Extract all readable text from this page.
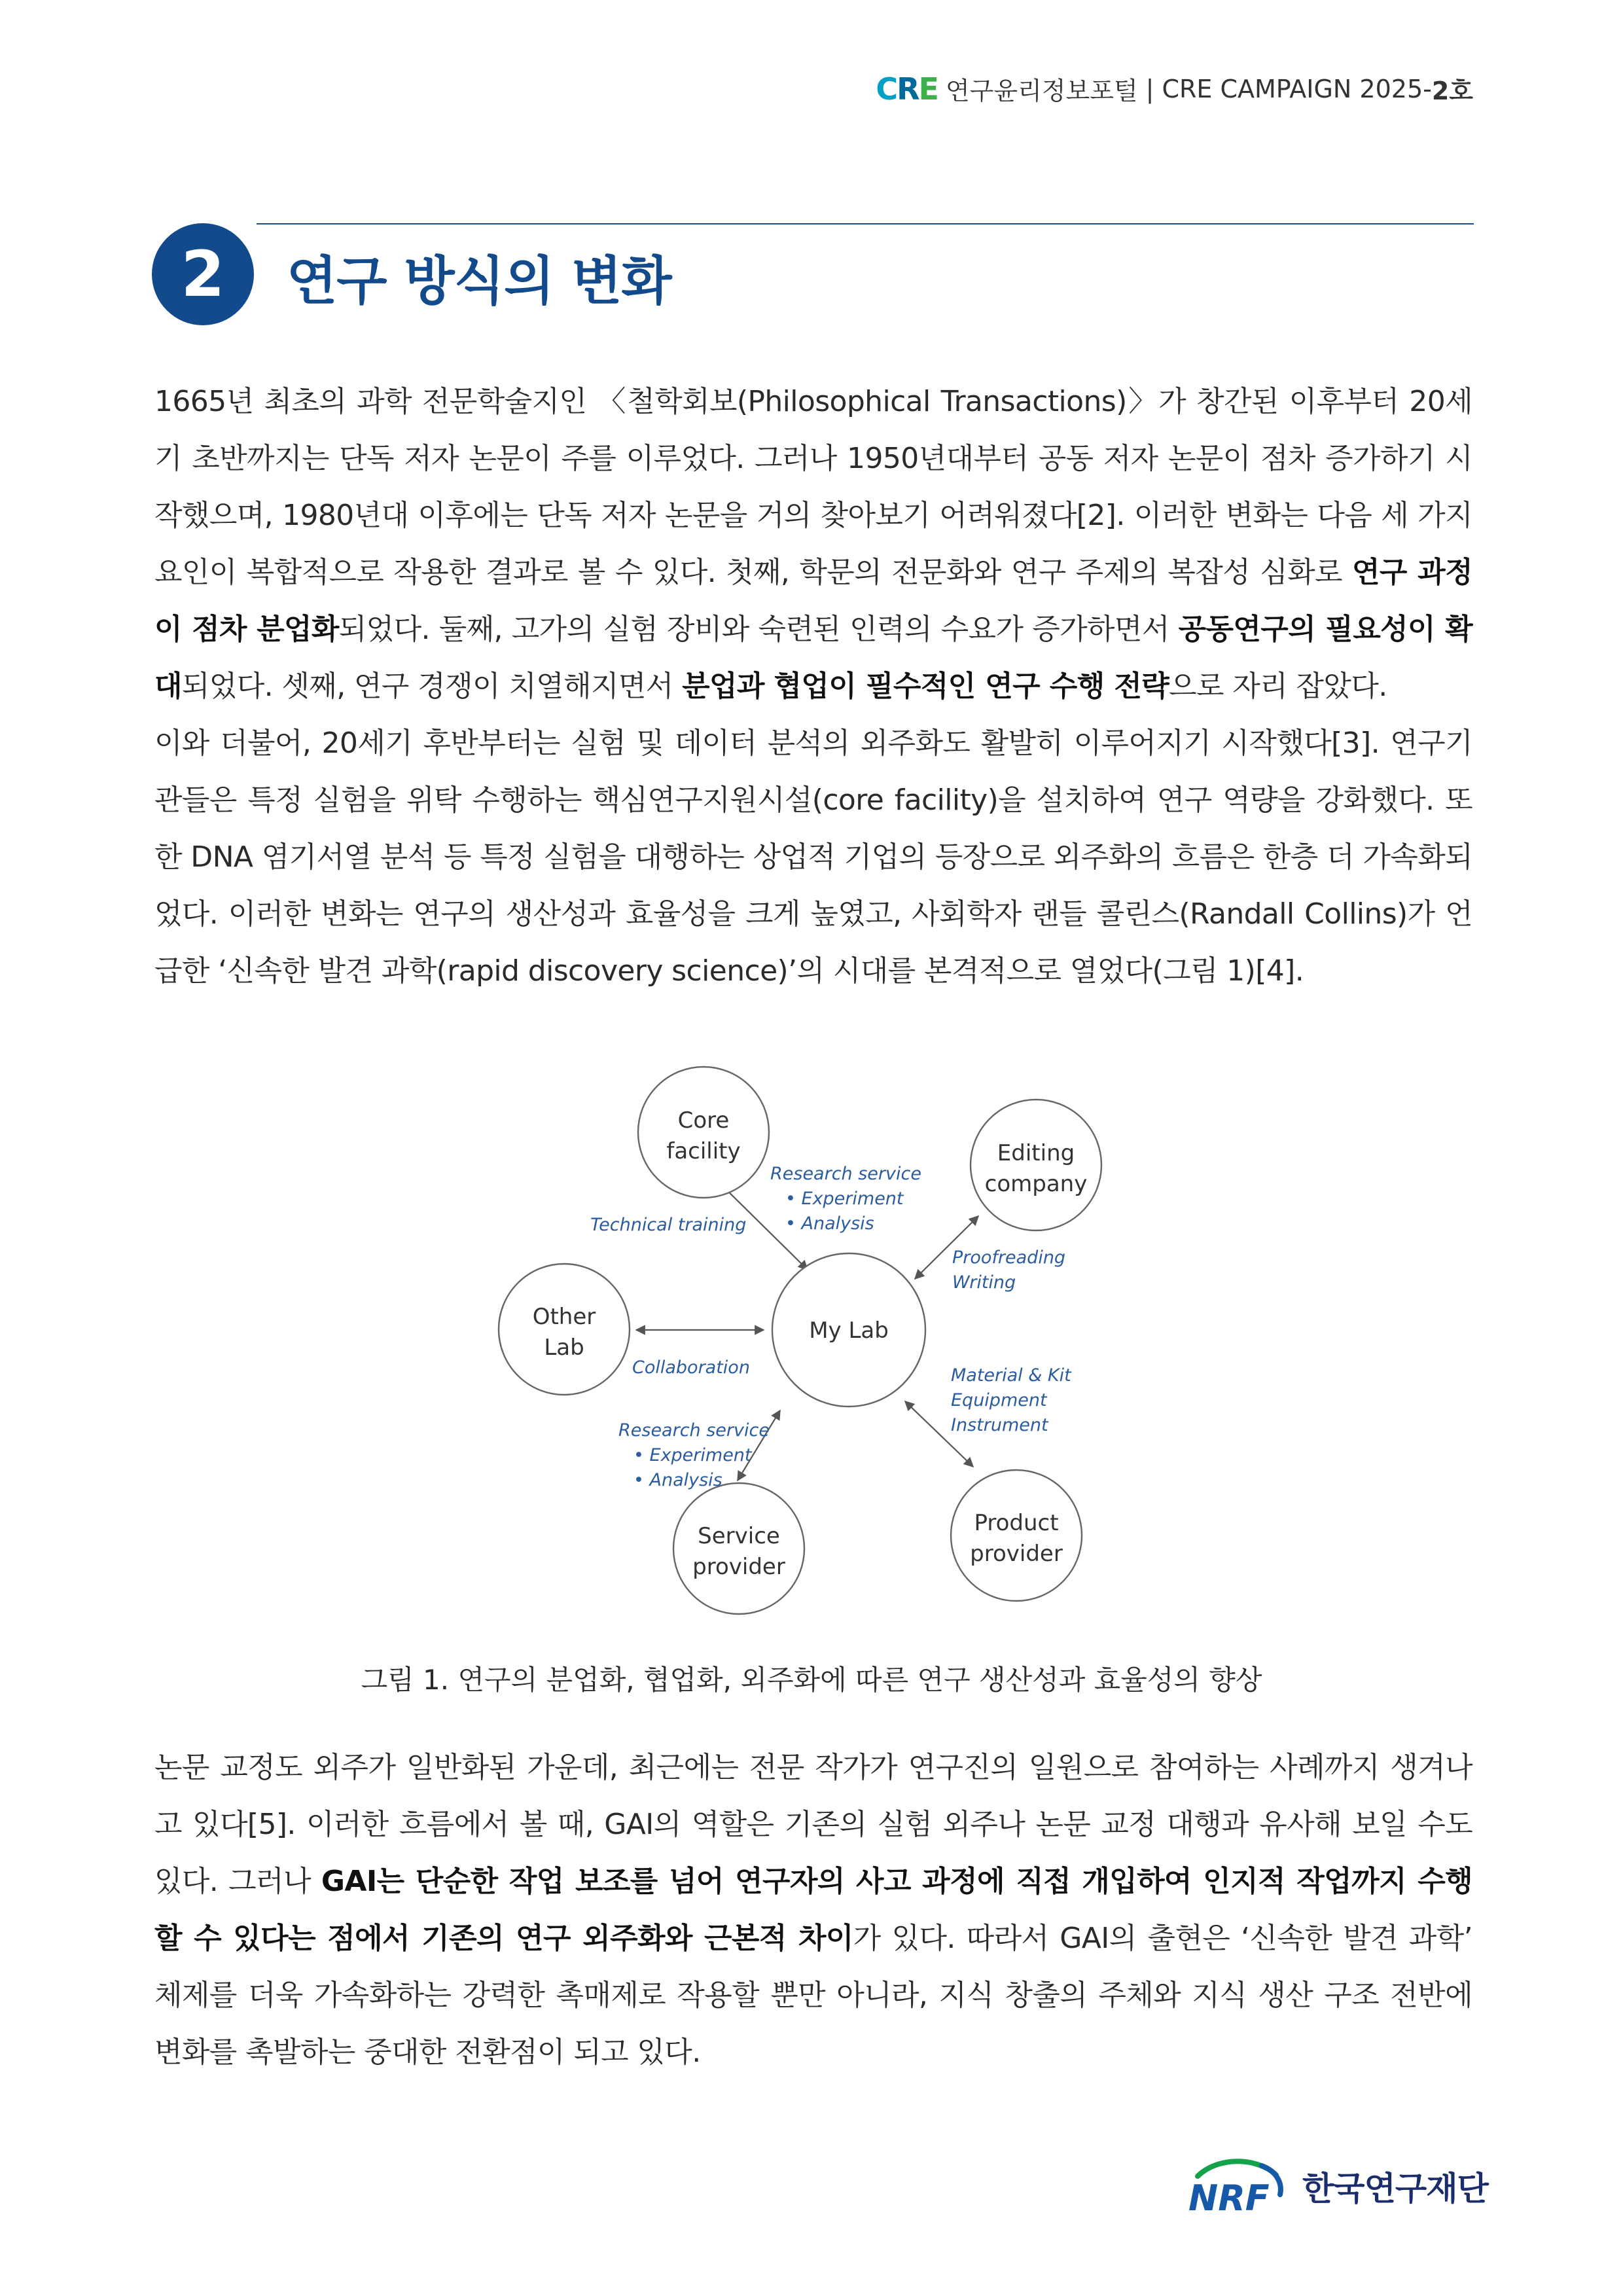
C R E 연구윤리정보포털 | CRE CAMPAIGN 2025- 2호
2	연구 방식의 변화
1665년 최초의 과학 전문학술지인 〈철학회보(Philosophical Transactions)〉가 창간된 이후부터 20세기 초반까지는 단독 저자 논문이 주를 이루었다. 그러나 1950년대부터 공동 저자 논문이 점차 증가하기 시작했으며, 1980년대 이후에는 단독 저자 논문을 거의 찾아보기 어려워졌다[2]. 이러한 변화는 다음 세 가지 요인이 복합적으로 작용한 결과로 볼 수 있다. 첫째, 학문의 전문화와 연구 주제의 복잡성 심화로 연구 과정이 점차 분업화되었다. 둘째, 고가의 실험 장비와 숙련된 인력의 수요가 증가하면서 공동연구의 필요성이 확대되었다. 셋째, 연구 경쟁이 치열해지면서 분업과 협업이 필수적인 연구 수행 전략으로 자리 잡았다.
이와 더불어, 20세기 후반부터는 실험 및 데이터 분석의 외주화도 활발히 이루어지기 시작했다[3]. 연구기관들은 특정 실험을 위탁 수행하는 핵심연구지원시설(core facility)을 설치하여 연구 역량을 강화했다. 또한 DNA 염기서열 분석 등 특정 실험을 대행하는 상업적 기업의 등장으로 외주화의 흐름은 한층 더 가속화되었다. 이러한 변화는 연구의 생산성과 효율성을 크게 높였고, 사회학자 랜들 콜린스(Randall Collins)가 언급한 ‘신속한 발견 과학(rapid discovery science)’의 시대를 본격적으로 열었다(그림 1)[4].
Core
facility	Editing
company
Other
Lab
My Lab
Service
provider
Product
provider
Technical training
Research service
• Experiment
• Analysis
Proofreading
Writing
Collaboration	Material & Kit
Equipment
Instrument
Research service
• Experiment
• Analysis
그림 1. 연구의 분업화, 협업화, 외주화에 따른 연구 생산성과 효율성의 향상
논문 교정도 외주가 일반화된 가운데, 최근에는 전문 작가가 연구진의 일원으로 참여하는 사례까지 생겨나고 있다[5]. 이러한 흐름에서 볼 때, GAI의 역할은 기존의 실험 외주나 논문 교정 대행과 유사해 보일 수도 있다. 그러나 GAI는 단순한 작업 보조를 넘어 연구자의 사고 과정에 직접 개입하여 인지적 작업까지 수행할 수 있다는 점에서 기존의 연구 외주화와 근본적 차이가 있다. 따라서 GAI의 출현은 ‘신속한 발견 과학’ 체제를 더욱 가속화하는 강력한 촉매제로 작용할 뿐만 아니라, 지식 창출의 주체와 지식 생산 구조 전반에 변화를 촉발하는 중대한 전환점이 되고 있다.
NRF 한국연구재단
